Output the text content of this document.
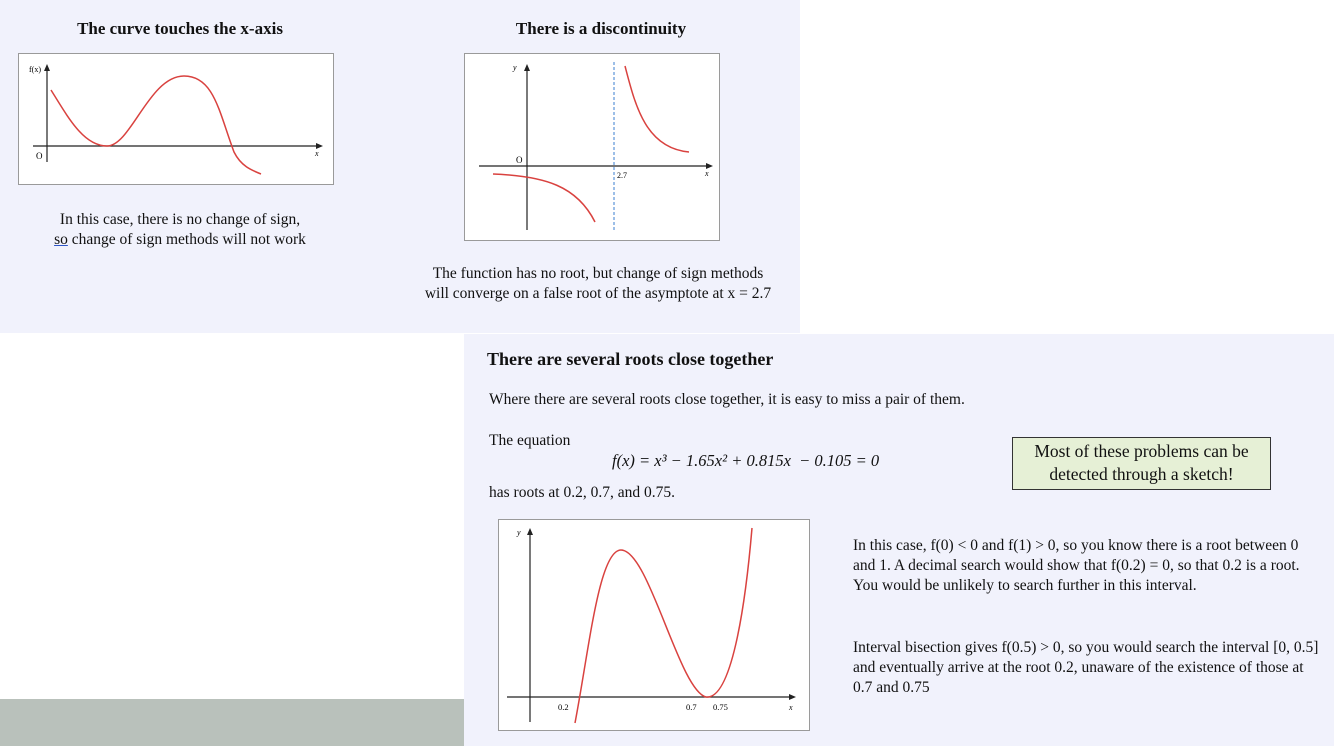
The curve touches the x-axis
f(x)
O	x
In this case, there is no change of sign,
so change of sign methods will not work
There is a discontinuity
y
O
x
2.7
The function has no root, but change of sign methods
will converge on a false root of the asymptote at x = 2.7
There are several roots close together
Where there are several roots close together, it is easy to miss a pair of them.
The equation
f(x) = x³ − 1.65x² + 0.815x  − 0.105 = 0
has roots at 0.2, 0.7, and 0.75.
Most of these problems can be detected through a sketch!
y
x
0.2	0.7 0.75
In this case, f(0) < 0 and f(1) > 0, so you know there is a root between 0 and 1. A decimal search would show that f(0.2) = 0, so that 0.2 is a root. You would be unlikely to search further in this interval.
Interval bisection gives f(0.5) > 0, so you would search the interval [0, 0.5] and eventually arrive at the root 0.2, unaware of the existence of those at 0.7 and 0.75
